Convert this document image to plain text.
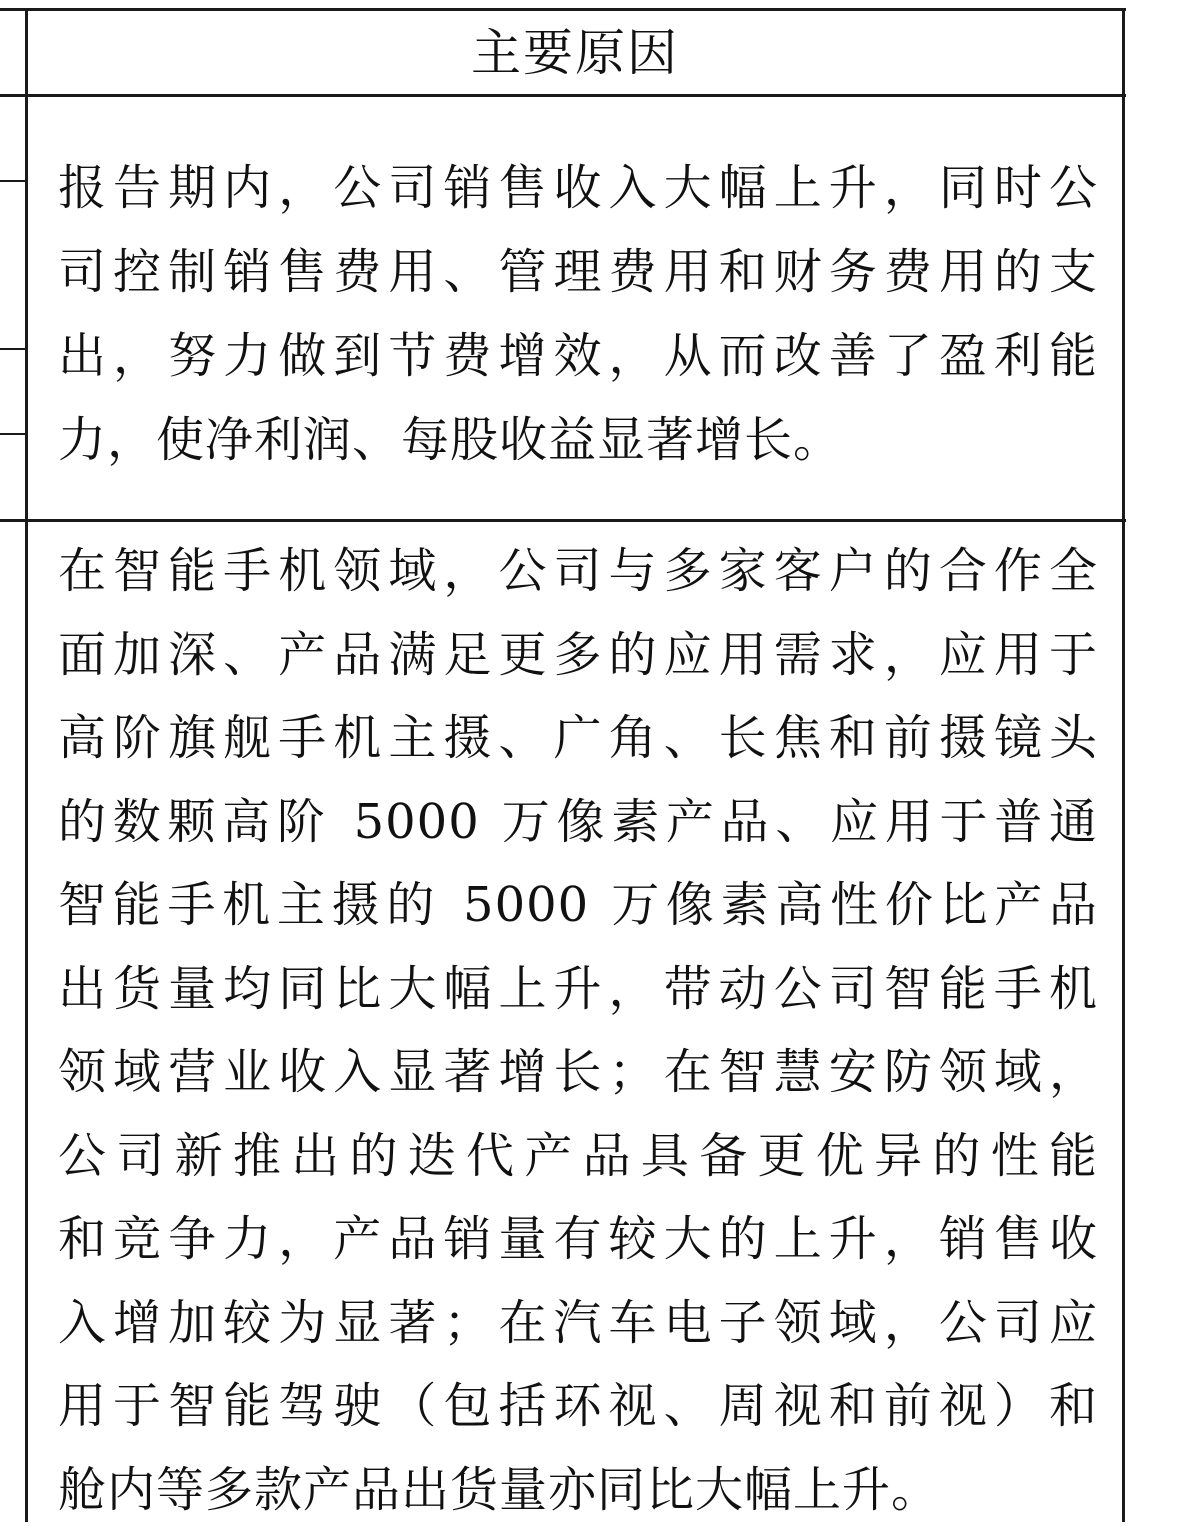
主要原因
报告期内，公司销售收入大幅上升，同时公
司控制销售费用、管理费用和财务费用的支
出，努力做到节费增效，从而改善了盈利能
力，使净利润、每股收益显著增长。
在智能手机领域，公司与多家客户的合作全
面加深、产品满足更多的应用需求，应用于
高阶旗舰手机主摄、广角、长焦和前摄镜头
的数颗高阶 5000 万像素产品、应用于普通
智能手机主摄的 5000 万像素高性价比产品
出货量均同比大幅上升，带动公司智能手机
领域营业收入显著增长；在智慧安防领域，
公司新推出的迭代产品具备更优异的性能
和竞争力，产品销量有较大的上升，销售收
入增加较为显著；在汽车电子领域，公司应
用于智能驾驶（包括环视、周视和前视）和
舱内等多款产品出货量亦同比大幅上升。
